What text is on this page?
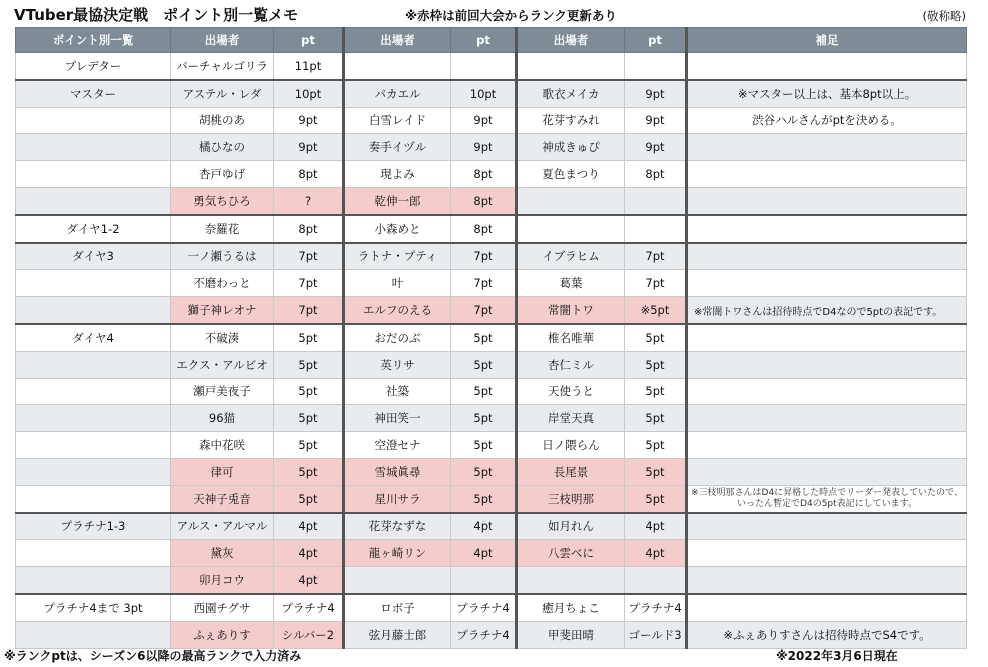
VTuber最協決定戦　ポイント別一覧メモ	※赤枠は前回大会からランク更新あり	(敬称略)
ポイント別一覧	出場者	pt	出場者	pt	出場者	pt	補足
プレデター	バーチャルゴリラ	11pt					
マスター	アステル・レダ	10pt	パカエル	10pt	歌衣メイカ	9pt	※マスター以上は、基本8pt以上。
	胡桃のあ	9pt	白雪レイド	9pt	花芽すみれ	9pt	渋谷ハルさんがptを決める。
	橘ひなの	9pt	奏手イヅル	9pt	神成きゅぴ	9pt	
	杏戸ゆげ	8pt	現よみ	8pt	夏色まつり	8pt	
	勇気ちひろ	?	乾伸一郎	8pt			
ダイヤ1-2	奈羅花	8pt	小森めと	8pt			
ダイヤ3	一ノ瀬うるは	7pt	ラトナ・プティ	7pt	イブラヒム	7pt	
	不磨わっと	7pt	叶	7pt	葛葉	7pt	
	獅子神レオナ	7pt	エルフのえる	7pt	常闇トワ	※5pt	※常闇トワさんは招待時点でD4なので5ptの表記です。
ダイヤ4	不破湊	5pt	おだのぶ	5pt	椎名唯華	5pt	
	エクス・アルビオ	5pt	英リサ	5pt	杏仁ミル	5pt	
	瀬戸美夜子	5pt	社築	5pt	天使うと	5pt	
	96猫	5pt	神田笑一	5pt	岸堂天真	5pt	
	森中花咲	5pt	空澄セナ	5pt	日ノ隈らん	5pt	
	律可	5pt	雪城眞尋	5pt	長尾景	5pt	
	天神子兎音	5pt	星川サラ	5pt	三枝明那	5pt	※三枝明那さんはD4に昇格した時点でリーダー発表していたので、いったん暫定でD4の5pt表記にしています。
プラチナ1-3	アルス・アルマル	4pt	花芽なずな	4pt	如月れん	4pt	
	黛灰	4pt	龍ヶ崎リン	4pt	八雲べに	4pt	
	卯月コウ	4pt					
プラチナ4まで 3pt	西園チグサ	プラチナ4	ロボ子	プラチナ4	癒月ちょこ	プラチナ4	
	ふぇありす	シルバー2	弦月藤士郎	プラチナ4	甲斐田晴	ゴールド3	※ふぇありすさんは招待時点でS4です。
※ランクptは、シーズン6以降の最高ランクで入力済み	※2022年3月6日現在
